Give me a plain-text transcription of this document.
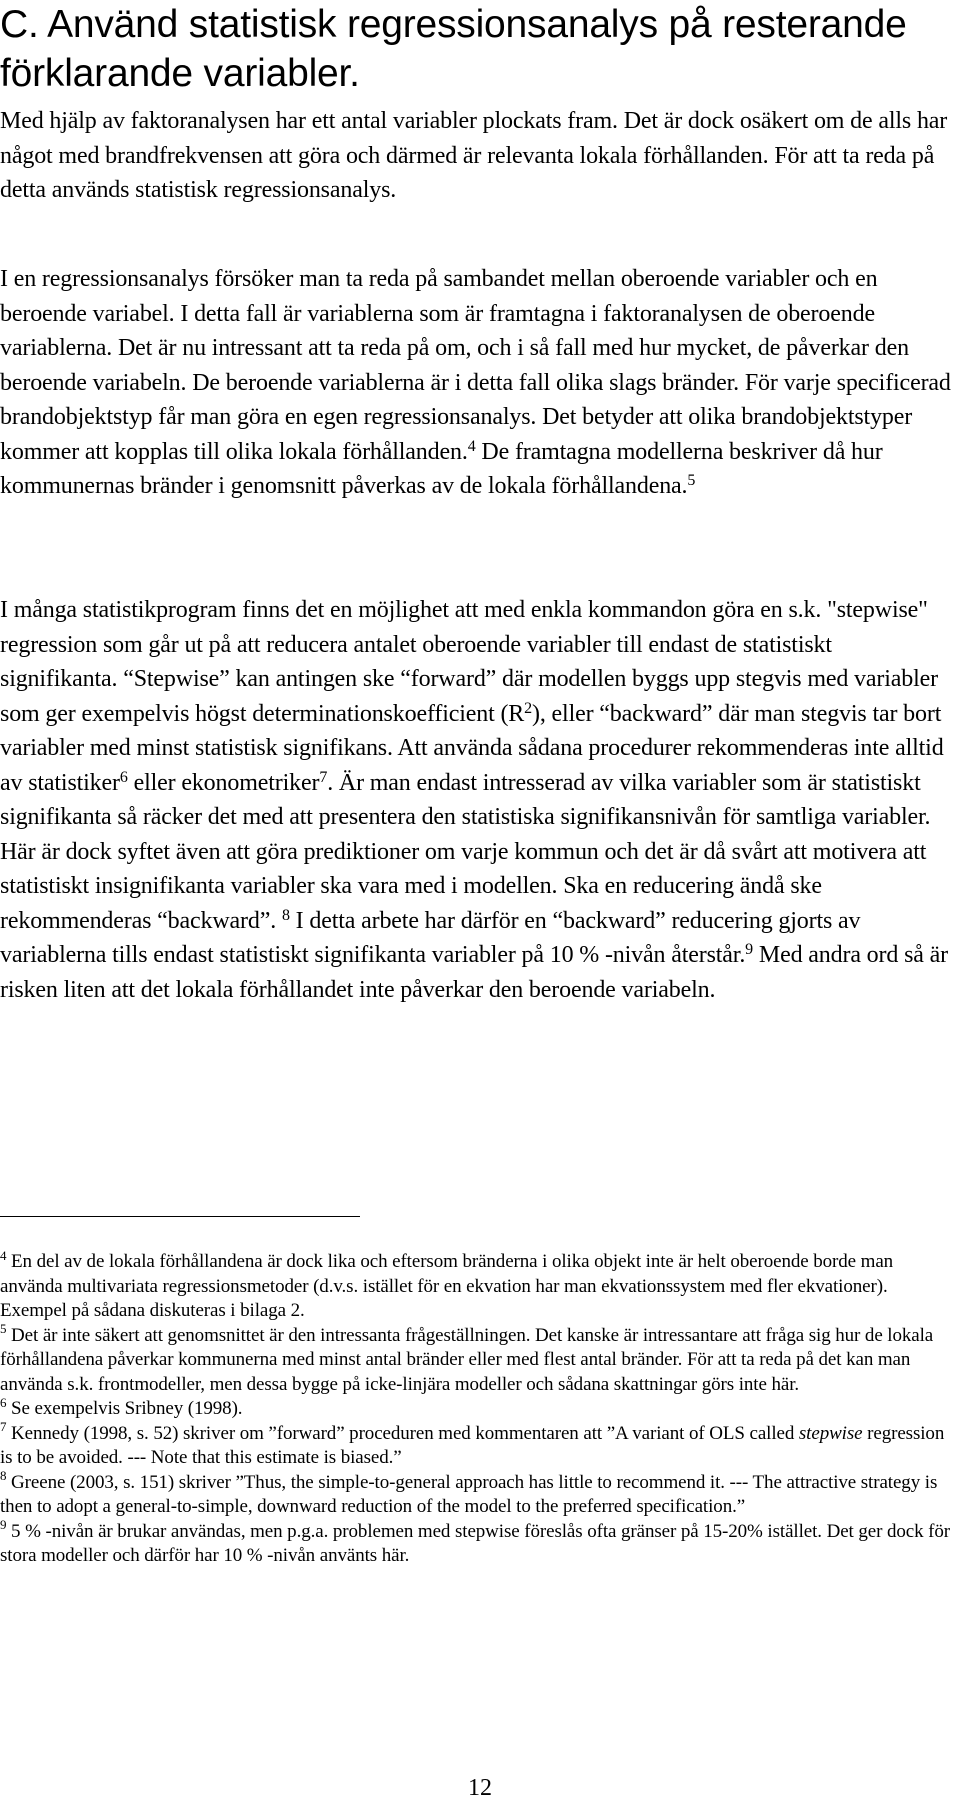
C. Använd statistisk regressionsanalys på resterande förklarande variabler.

Med hjälp av faktoranalysen har ett antal variabler plockats fram. Det är dock osäkert om de alls har något med brandfrekvensen att göra och därmed är relevanta lokala förhållanden. För att ta reda på detta används statistisk regressionsanalys.

I en regressionsanalys försöker man ta reda på sambandet mellan oberoende variabler och en beroende variabel. I detta fall är variablerna som är framtagna i faktoranalysen de oberoende variablerna. Det är nu intressant att ta reda på om, och i så fall med hur mycket, de påverkar den beroende variabeln. De beroende variablerna är i detta fall olika slags bränder. För varje specificerad brandobjektstyp får man göra en egen regressionsanalys. Det betyder att olika brandobjektstyper kommer att kopplas till olika lokala förhållanden.$^4$ De framtagna modellerna beskriver då hur kommunernas bränder i genomsnitt påverkas av de lokala förhållandena.$^5$

I många statistikprogram finns det en möjlighet att med enkla kommandon göra en s.k. "stepwise" regression som går ut på att reducera antalet oberoende variabler till endast de statistiskt signifikanta. “Stepwise” kan antingen ske “forward” där modellen byggs upp stegvis med variabler som ger exempelvis högst determinationskoefficient $(R^2)$, eller “backward” där man stegvis tar bort variabler med minst statistisk signifikans. Att använda sådana procedurer rekommenderas inte alltid av statistiker$^6$ eller ekonometriker$^7$. Är man endast intresserad av vilka variabler som är statistiskt signifikanta så räcker det med att presentera den statistiska signifikansnivån för samtliga variabler. Här är dock syftet även att göra prediktioner om varje kommun och det är då svårt att motivera att statistiskt insignifikanta variabler ska vara med i modellen. Ska en reducering ändå ske rekommenderas “backward”. $^8$ I detta arbete har därför en “backward” reducering gjorts av variablerna tills endast statistiskt signifikanta variabler på 10 % -nivån återstår.$^9$ Med andra ord så är risken liten att det lokala förhållandet inte påverkar den beroende variabeln.

$^4$ En del av de lokala förhållandena är dock lika och eftersom bränderna i olika objekt inte är helt oberoende borde man använda multivariata regressionsmetoder (d.v.s. istället för en ekvation har man ekvationssystem med fler ekvationer). Exempel på sådana diskuteras i bilaga 2.

$^5$ Det är inte säkert att genomsnittet är den intressanta frågeställningen. Det kanske är intressantare att fråga sig hur de lokala förhållandena påverkar kommunerna med minst antal bränder eller med flest antal bränder. För att ta reda på det kan man använda s.k. frontmodeller, men dessa bygge på icke-linjära modeller och sådana skattningar görs inte här.

$^6$ Se exempelvis Sribney (1998).

$^7$ Kennedy (1998, s. 52) skriver om ”forward” proceduren med kommentaren att ”A variant of OLS called stepwise regression is to be avoided. --- Note that this estimate is biased.”

$^8$ Greene (2003, s. 151) skriver ”Thus, the simple-to-general approach has little to recommend it. --- The attractive strategy is then to adopt a general-to-simple, downward reduction of the model to the preferred specification.”

$^9$ 5 % -nivån är brukar användas, men p.g.a. problemen med stepwise föreslås ofta gränser på 15-20% istället. Det ger dock för stora modeller och därför har 10 % -nivån använts här.

12
